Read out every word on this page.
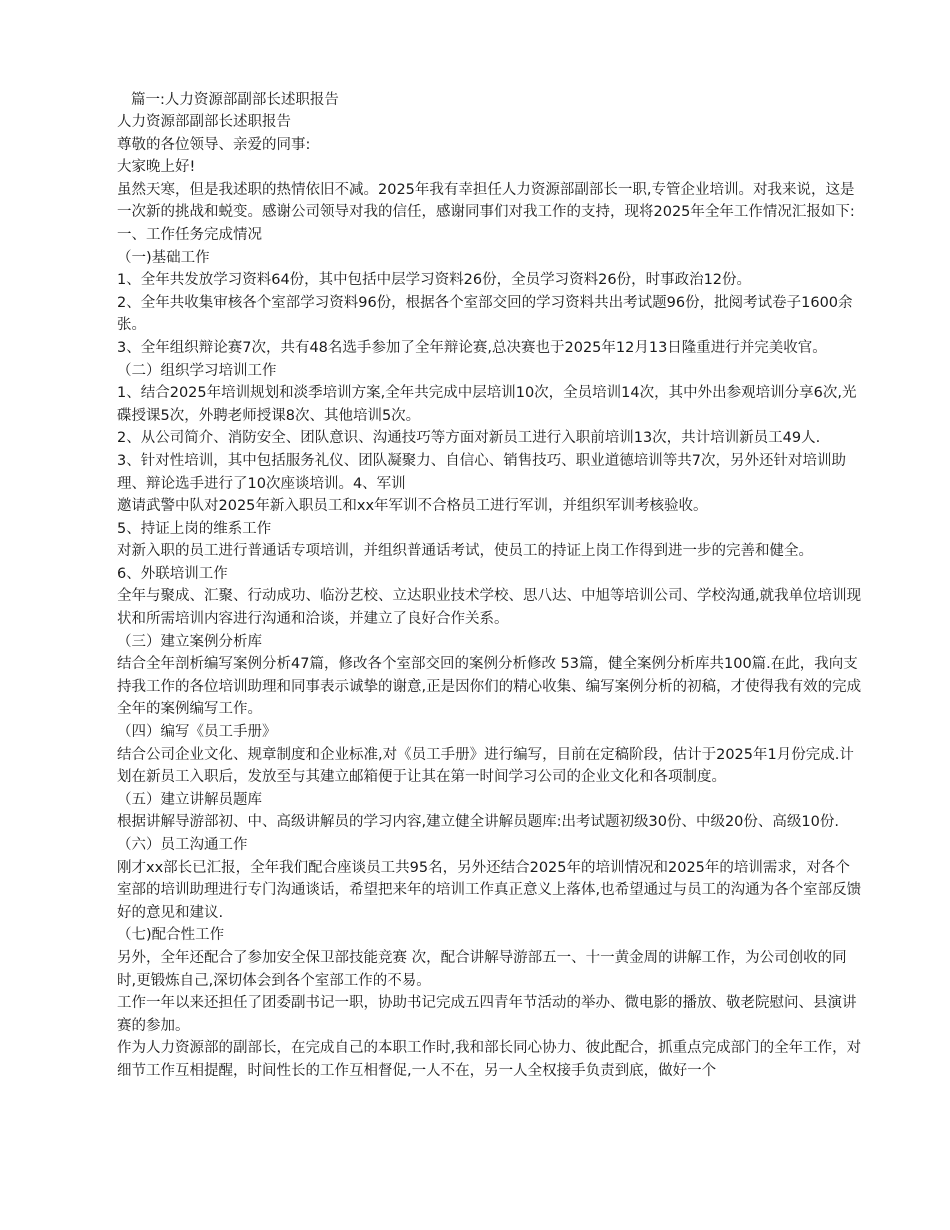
篇一:人力资源部副部长述职报告

人力资源部副部长述职报告

尊敬的各位领导、亲爱的同事:

大家晚上好!

虽然天寒，但是我述职的热情依旧不减。2025年我有幸担任人力资源部副部长一职,专管企业培训。对我来说，这是一次新的挑战和蜕变。感谢公司领导对我的信任，感谢同事们对我工作的支持，现将2025年全年工作情况汇报如下:

一、工作任务完成情况

（一)基础工作

1、全年共发放学习资料64份，其中包括中层学习资料26份，全员学习资料26份，时事政治12份。

2、全年共收集审核各个室部学习资料96份，根据各个室部交回的学习资料共出考试题96份，批阅考试卷子1600余张。

3、全年组织辩论赛7次，共有48名选手参加了全年辩论赛,总决赛也于2025年12月13日隆重进行并完美收官。

（二）组织学习培训工作

1、结合2025年培训规划和淡季培训方案,全年共完成中层培训10次，全员培训14次，其中外出参观培训分享6次,光碟授课5次，外聘老师授课8次、其他培训5次。

2、从公司简介、消防安全、团队意识、沟通技巧等方面对新员工进行入职前培训13次，共计培训新员工49人.

3、针对性培训，其中包括服务礼仪、团队凝聚力、自信心、销售技巧、职业道德培训等共7次，另外还针对培训助理、辩论选手进行了10次座谈培训。4、军训

邀请武警中队对2025年新入职员工和xx年军训不合格员工进行军训，并组织军训考核验收。

5、持证上岗的维系工作

对新入职的员工进行普通话专项培训，并组织普通话考试，使员工的持证上岗工作得到进一步的完善和健全。

6、外联培训工作

全年与聚成、汇聚、行动成功、临汾艺校、立达职业技术学校、思八达、中旭等培训公司、学校沟通,就我单位培训现状和所需培训内容进行沟通和洽谈，并建立了良好合作关系。

（三）建立案例分析库

结合全年剖析编写案例分析47篇，修改各个室部交回的案例分析修改 53篇，健全案例分析库共100篇.在此，我向支持我工作的各位培训助理和同事表示诚挚的谢意,正是因你们的精心收集、编写案例分析的初稿，才使得我有效的完成全年的案例编写工作。

（四）编写《员工手册》

结合公司企业文化、规章制度和企业标准,对《员工手册》进行编写，目前在定稿阶段，估计于2025年1月份完成.计划在新员工入职后，发放至与其建立邮箱便于让其在第一时间学习公司的企业文化和各项制度。

（五）建立讲解员题库

根据讲解导游部初、中、高级讲解员的学习内容,建立健全讲解员题库:出考试题初级30份、中级20份、高级10份.（六）员工沟通工作

刚才xx部长已汇报，全年我们配合座谈员工共95名，另外还结合2025年的培训情况和2025年的培训需求，对各个室部的培训助理进行专门沟通谈话，希望把来年的培训工作真正意义上落体,也希望通过与员工的沟通为各个室部反馈好的意见和建议.

（七)配合性工作

另外，全年还配合了参加安全保卫部技能竞赛 次，配合讲解导游部五一、十一黄金周的讲解工作，为公司创收的同时,更锻炼自己,深切体会到各个室部工作的不易。

工作一年以来还担任了团委副书记一职，协助书记完成五四青年节活动的举办、微电影的播放、敬老院慰问、县演讲赛的参加。

作为人力资源部的副部长，在完成自己的本职工作时,我和部长同心协力、彼此配合，抓重点完成部门的全年工作，对细节工作互相提醒，时间性长的工作互相督促,一人不在，另一人全权接手负责到底，做好一个
